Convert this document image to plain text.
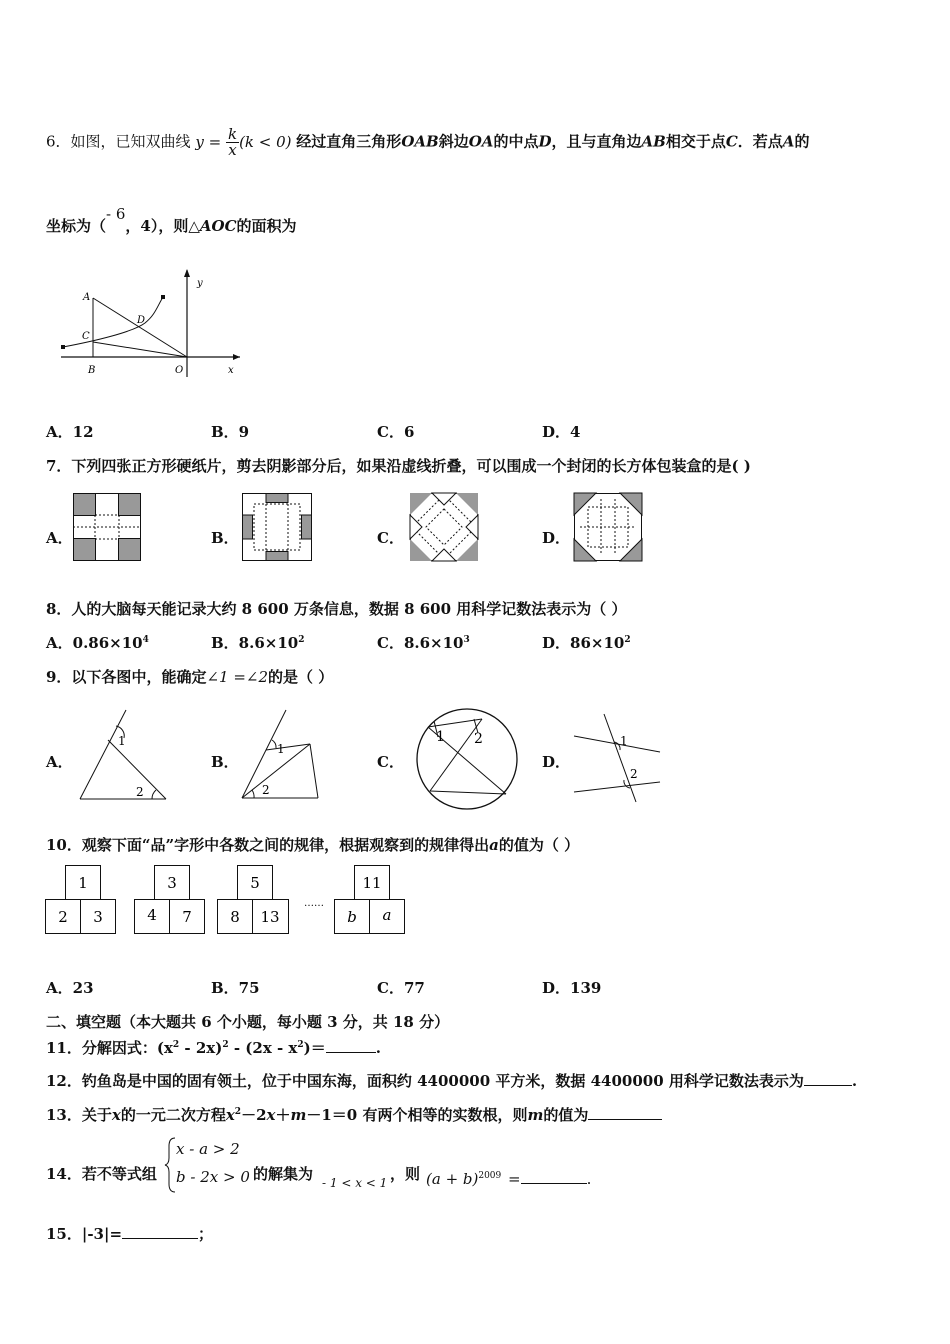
6．如图，已知双曲线 $y = \frac{k}{x} (k < 0)$ 经过直角三角形OAB斜边OA的中点D，且与直角边AB相交于点C．若点A的
坐标为（- 6，4），则△AOC的面积为
A
C
D
B	O	x
y
A．12	B．9	C．6	D．4
7．下列四张正方形硬纸片，剪去阴影部分后，如果沿虚线折叠，可以围成一个封闭的长方体包装盒的是( )
A．	B．	C．	D．
8．人的大脑每天能记录大约 8 600 万条信息，数据 8 600 用科学记数法表示为（ ）
A．$0.86\times 10^4$	B．$8.6\times 10^2$	C．$8.6\times 10^3$	D．$86\times 10^2$
9．以下各图中，能确定∠1 =∠2的是（ ）
A．
1
2
B．
1
2
C．
1 2
D．
1
2
10．观察下面“品”字形中各数之间的规律，根据观察到的规律得出a的值为（ ）
1
2 3
3
4 7
5
8 13
……
11
b a
A．23	B．75	C．77	D．139
二、填空题（本大题共 6 个小题，每小题 3 分，共 18 分）
11．分解因式：$(x^2 - 2x)^2 - (2x - x^2)=$	.
12．钓鱼岛是中国的固有领土，位于中国东海，面积约 4400000 平方米，数据 4400000 用科学记数法表示为	.
13．关于x的一元二次方程$x^2-2x+m-1=0$ 有两个相等的实数根，则m的值为
14．若不等式组
x - a > 2
b - 2x > 0 的解集为 - 1 < x < 1 ，则 $(a + b)^{2009}$ =	.
15．|-3|=	；
